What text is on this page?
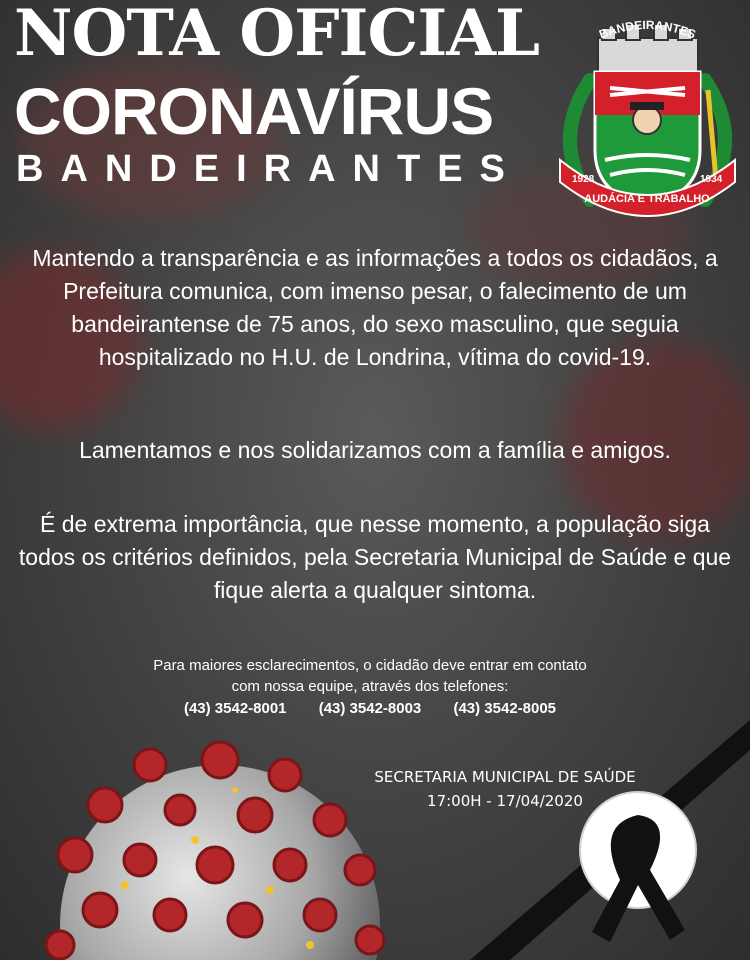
NOTA OFICIAL
CORONAVÍRUS
BANDEIRANTES
BANDEIRANTES
AUDÁCIA E TRABALHO
1928	1934

Mantendo a transparência e as informações a todos os cidadãos, a Prefeitura comunica, com imenso pesar, o falecimento de um bandeirantense de 75 anos, do sexo masculino, que seguia hospitalizado no H.U. de Londrina, vítima do covid-19.

Lamentamos e nos solidarizamos com a família e amigos.

É de extrema importância, que nesse momento, a população siga todos os critérios definidos, pela Secretaria Municipal de Saúde e que fique alerta a qualquer sintoma.

Para maiores esclarecimentos, o cidadão deve entrar em contato

com nossa equipe, através dos telefones:

(43) 3542-8001 (43) 3542-8003 (43) 3542-8005

SECRETARIA MUNICIPAL DE SAÚDE

17:00H - 17/04/2020
